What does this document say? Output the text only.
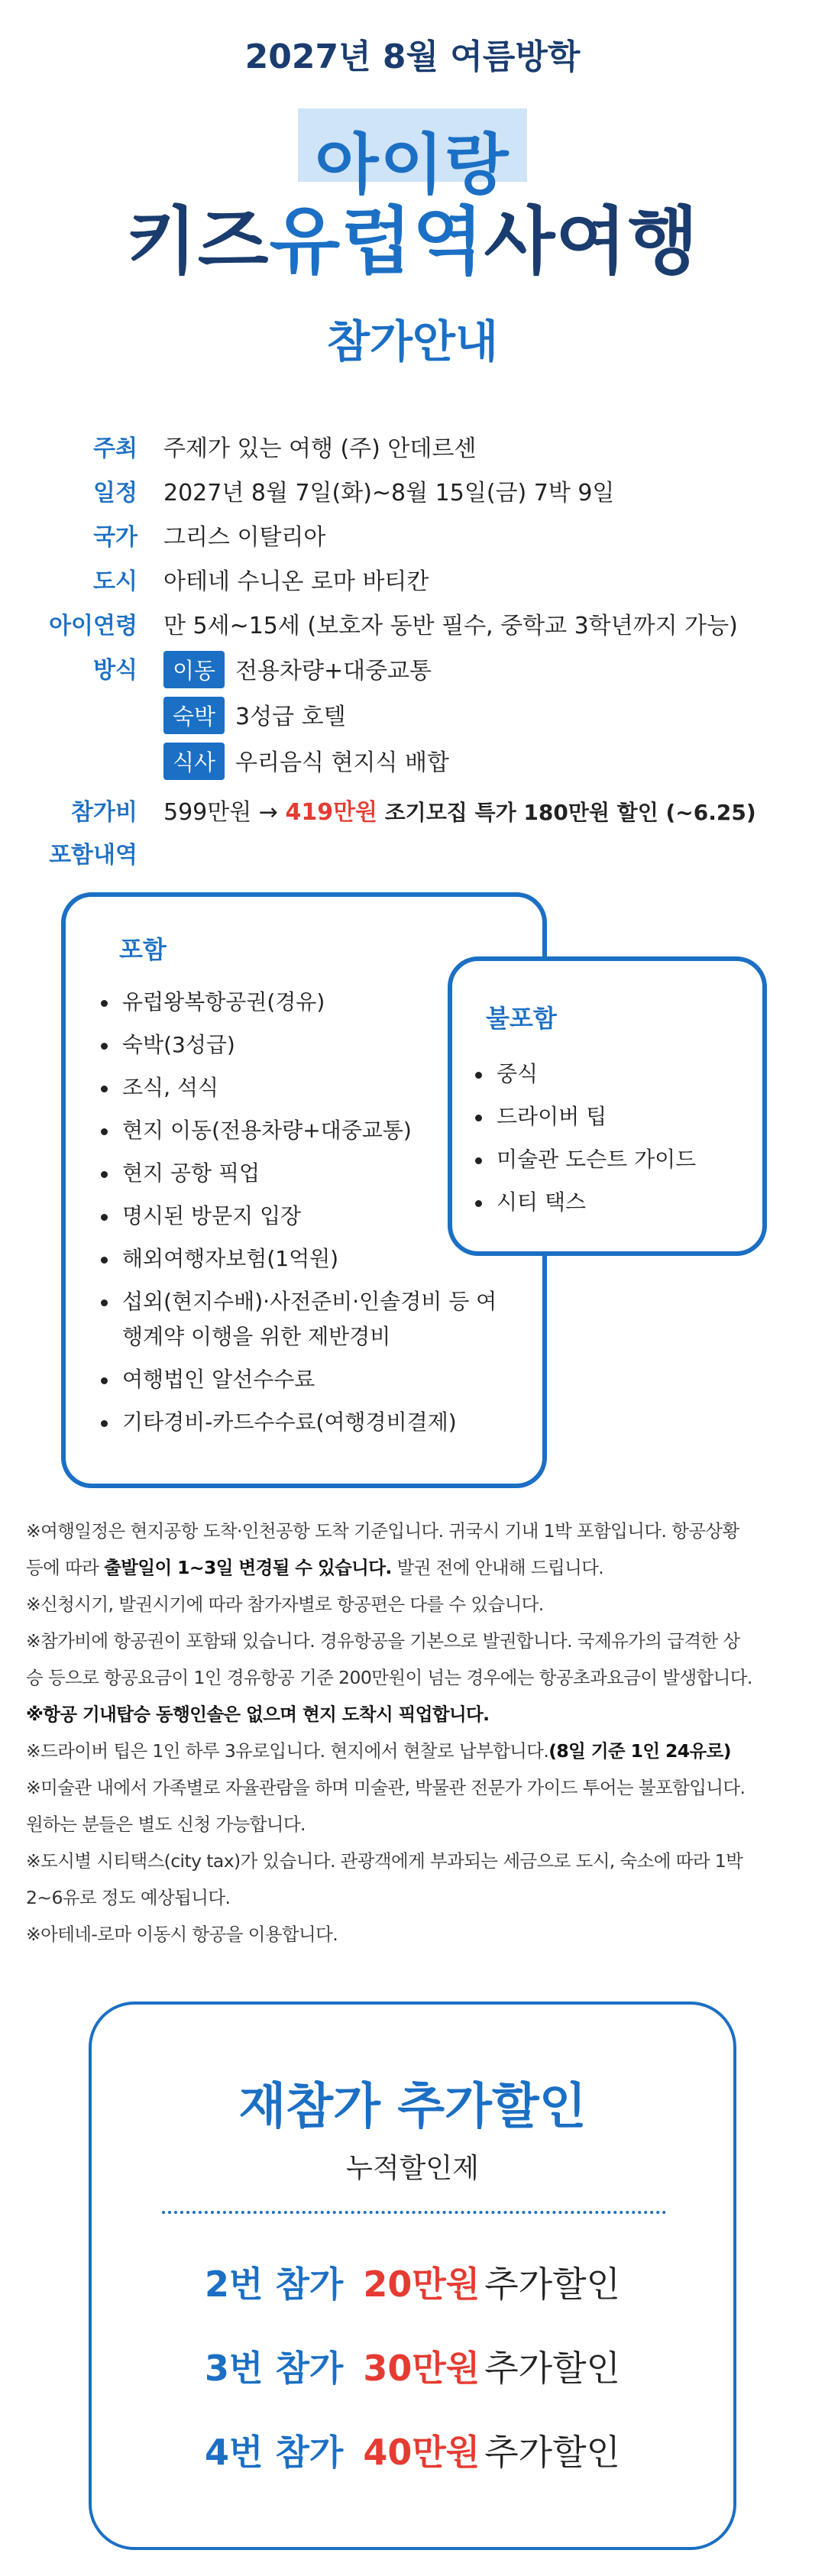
2027년 8월 여름방학
아이랑
키즈유럽역사여행
참가안내
주최 주제가 있는 여행 (주) 안데르센
일정 2027년 8월 7일(화)~8월 15일(금) 7박 9일
국가 그리스 이탈리아
도시 아테네 수니온 로마 바티칸
아이연령 만 5세~15세 (보호자 동반 필수, 중학교 3학년까지 가능)
방식	이동 전용차량+대중교통
숙박 3성급 호텔
식사 우리음식 현지식 배합
참가비 599만원 → 419만원 조기모집 특가 180만원 할인 (~6.25)
포함내역
포함
유럽왕복항공권(경유)
숙박(3성급)
조식, 석식
현지 이동(전용차량+대중교통)
현지 공항 픽업
명시된 방문지 입장
해외여행자보험(1억원)
섭외(현지수배)·사전준비·인솔경비 등 여
행계약 이행을 위한 제반경비
여행법인 알선수수료
기타경비-카드수수료(여행경비결제)
불포함
중식
드라이버 팁
미술관 도슨트 가이드
시티 택스

※여행일정은 현지공항 도착·인천공항 도착 기준입니다. 귀국시 기내 1박 포함입니다. 항공상황

등에 따라 출발일이 1~3일 변경될 수 있습니다. 발권 전에 안내해 드립니다.

※신청시기, 발권시기에 따라 참가자별로 항공편은 다를 수 있습니다.

※참가비에 항공권이 포함돼 있습니다. 경유항공을 기본으로 발권합니다. 국제유가의 급격한 상

승 등으로 항공요금이 1인 경유항공 기준 200만원이 넘는 경우에는 항공초과요금이 발생합니다.

※항공 기내탑승 동행인솔은 없으며 현지 도착시 픽업합니다.

※드라이버 팁은 1인 하루 3유로입니다. 현지에서 현찰로 납부합니다.(8일 기준 1인 24유로)

※미술관 내에서 가족별로 자율관람을 하며 미술관, 박물관 전문가 가이드 투어는 불포함입니다.

원하는 분들은 별도 신청 가능합니다.

※도시별 시티택스(city tax)가 있습니다. 관광객에게 부과되는 세금으로 도시, 숙소에 따라 1박

2~6유로 정도 예상됩니다.

※아테네-로마 이동시 항공을 이용합니다.

재참가 추가할인
누적할인제
2번 참가 20만원 추가할인
3번 참가 30만원 추가할인
4번 참가 40만원 추가할인
